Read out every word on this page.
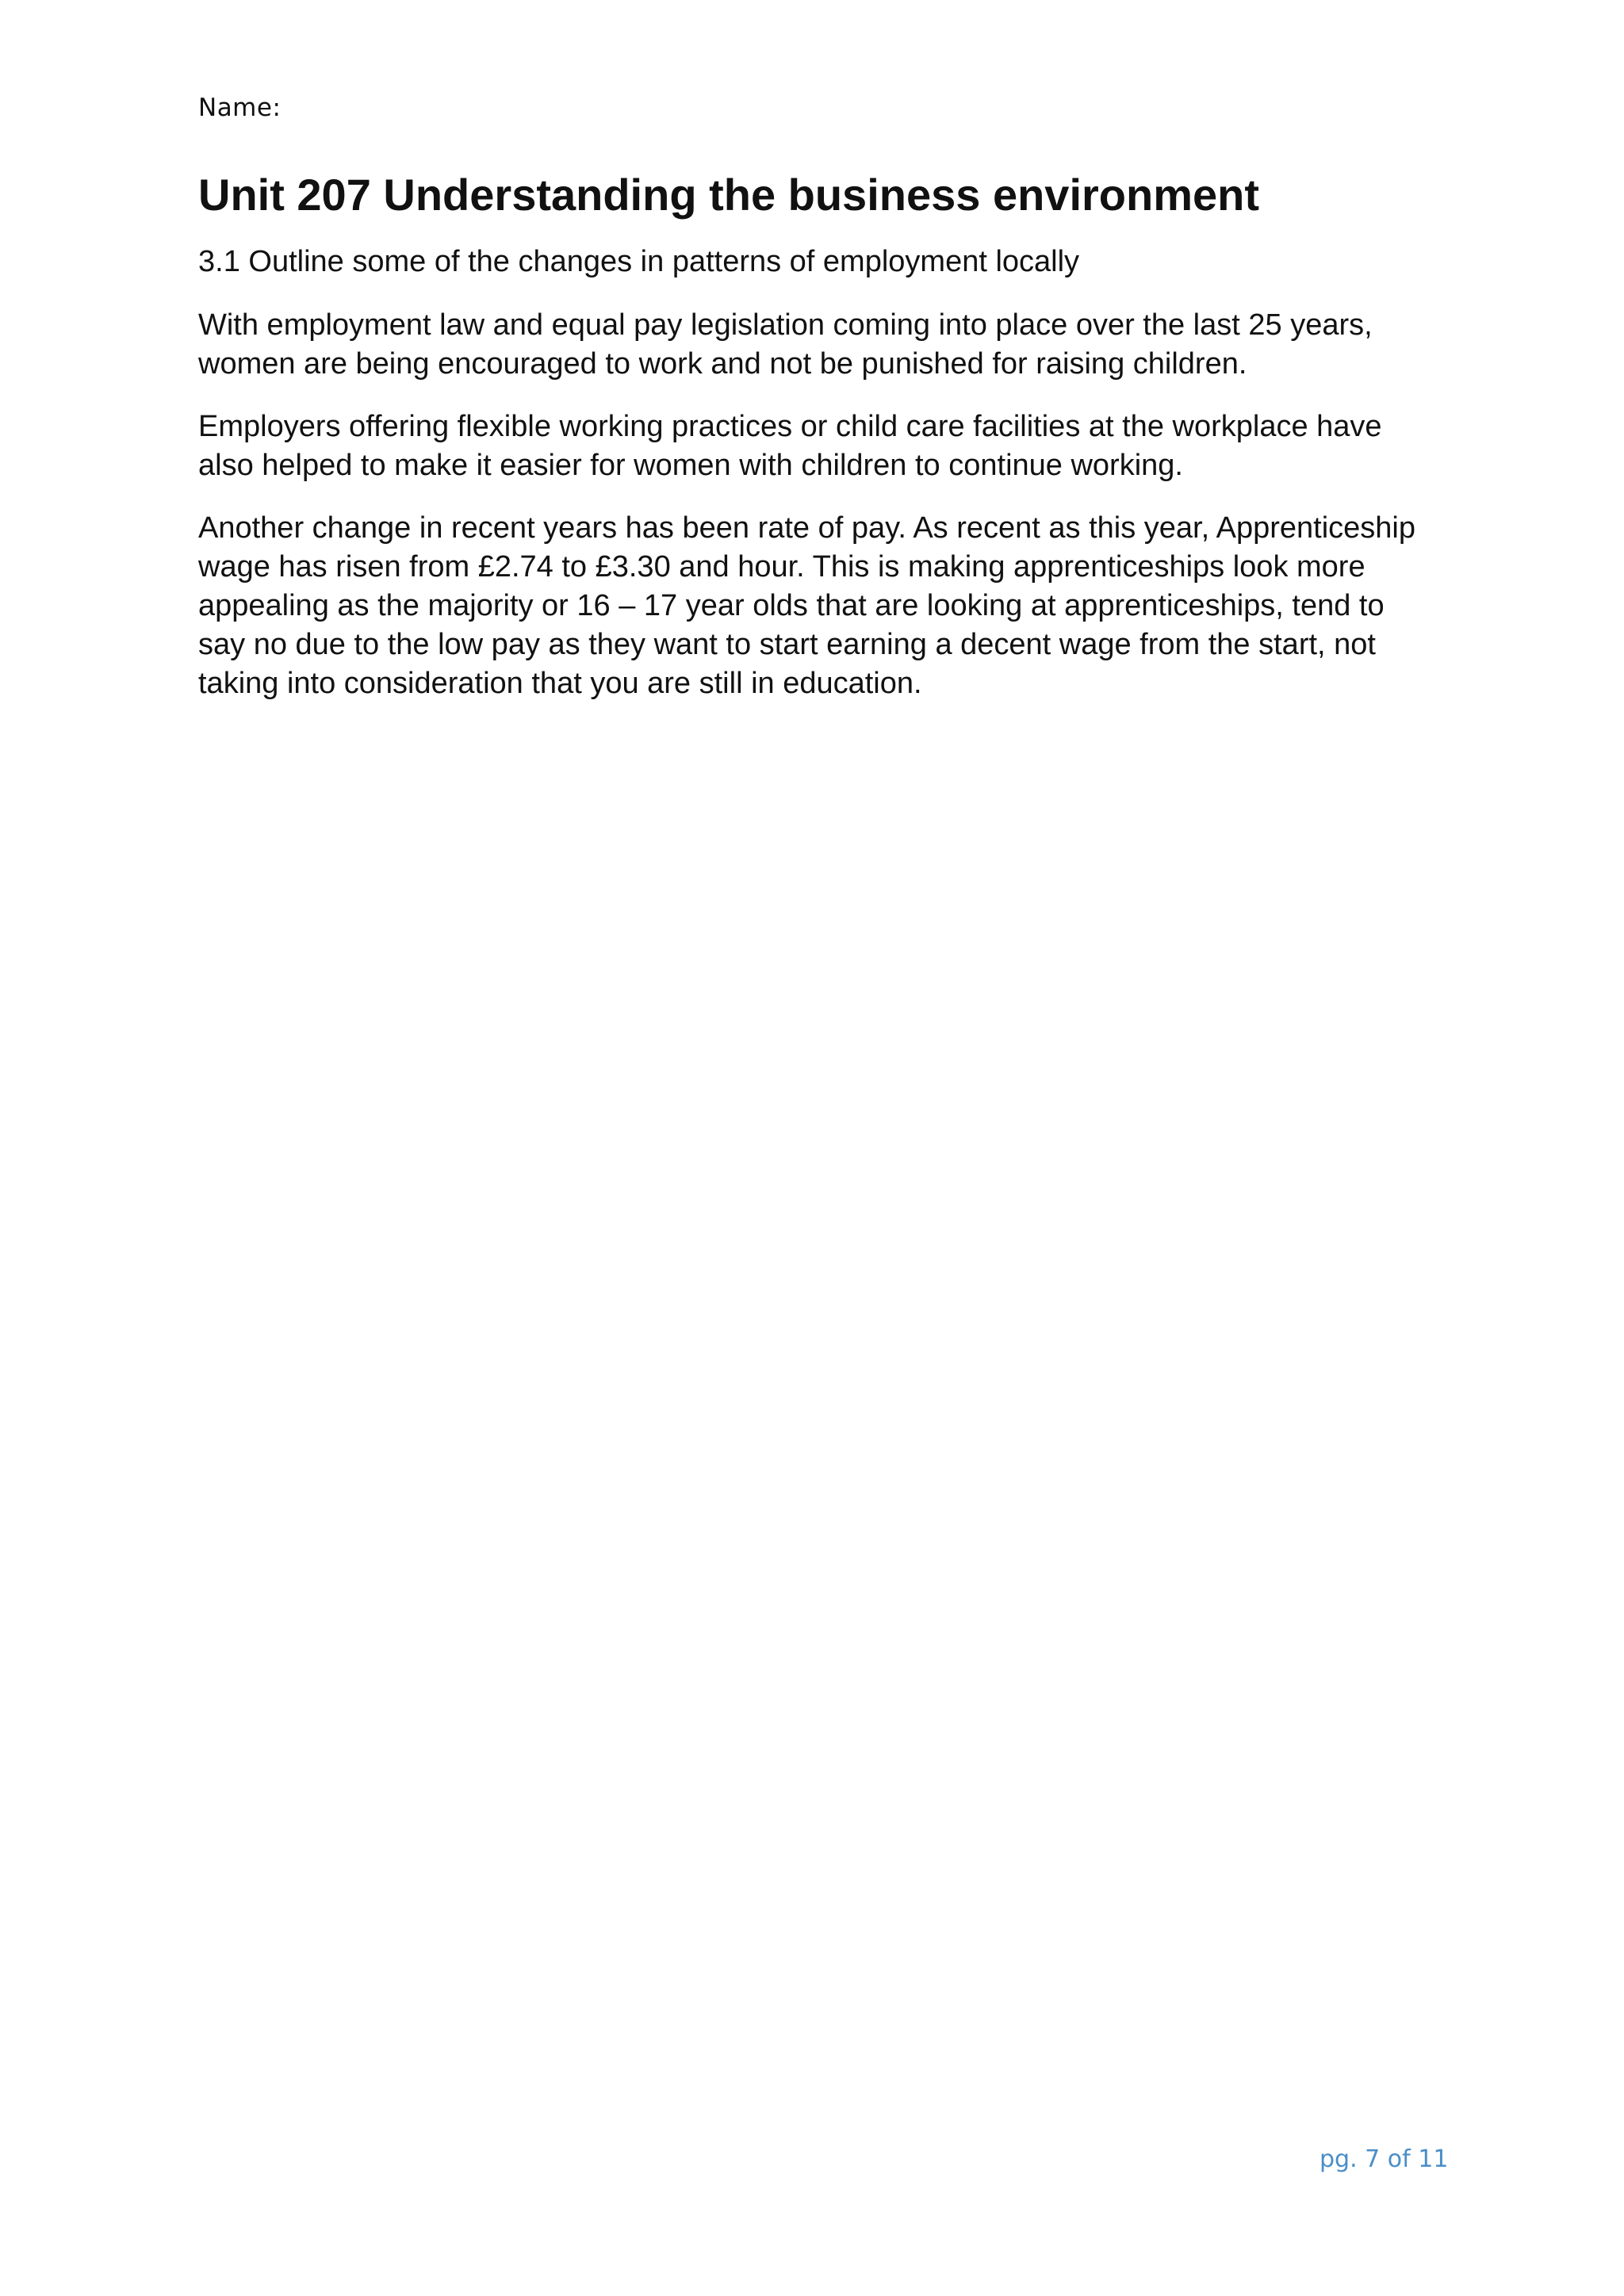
Name:
Unit 207 Understanding the business environment

3.1 Outline some of the changes in patterns of employment locally

With employment law and equal pay legislation coming into place over the last 25 years, women are being encouraged to work and not be punished for raising children.

Employers offering flexible working practices or child care facilities at the workplace have also helped to make it easier for women with children to continue working.

Another change in recent years has been rate of pay. As recent as this year, Apprenticeship wage has risen from £2.74 to £3.30 and hour. This is making apprenticeships look more appealing as the majority or 16 – 17 year olds that are looking at apprenticeships, tend to say no due to the low pay as they want to start earning a decent wage from the start, not taking into consideration that you are still in education.

pg. 7 of 11
